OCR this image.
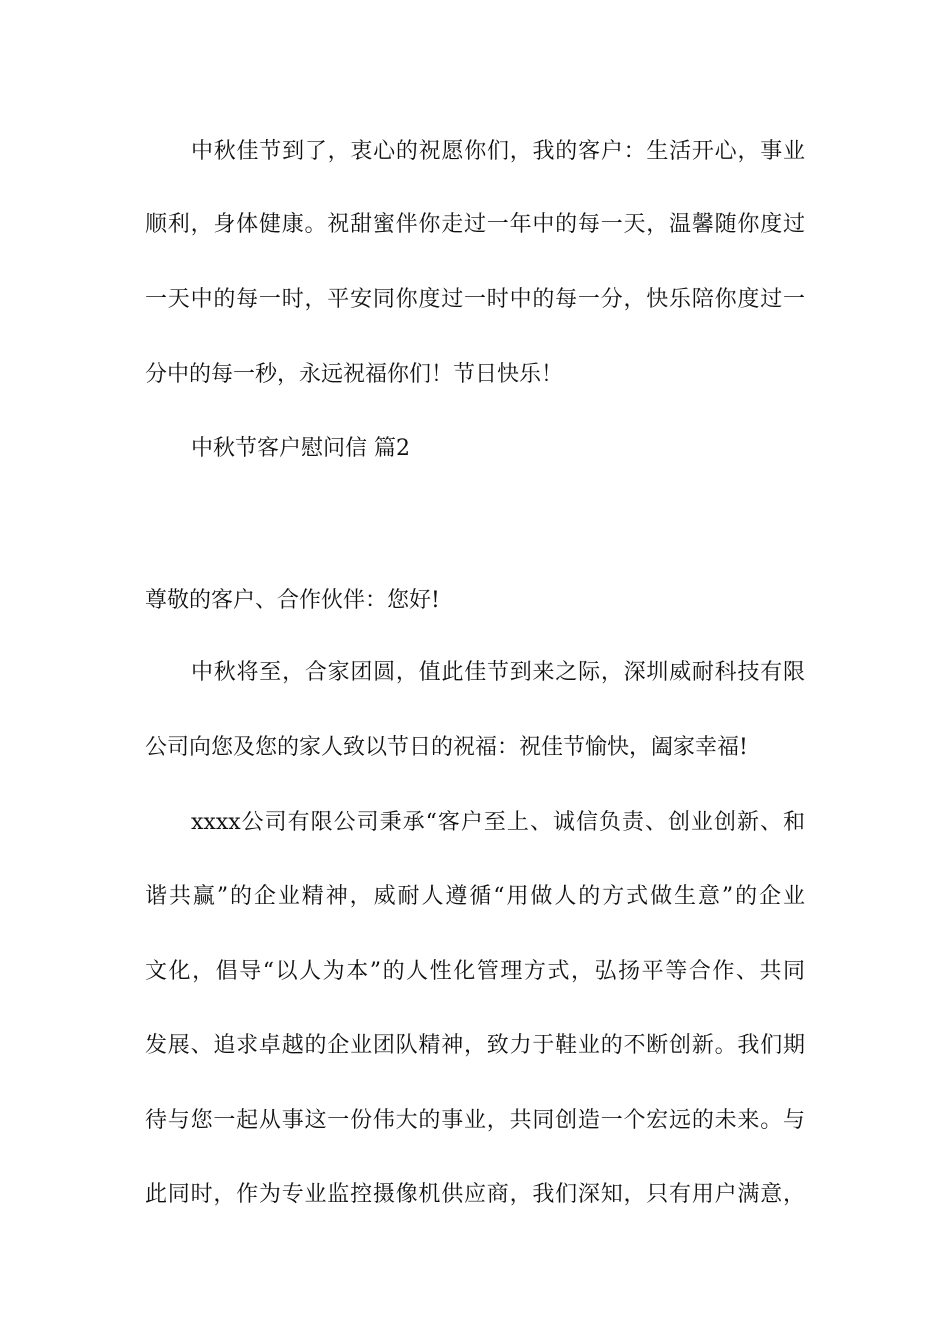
中秋佳节到了，衷心的祝愿你们，我的客户：生活开心，事业
顺利，身体健康。祝甜蜜伴你走过一年中的每一天，温馨随你度过
一天中的每一时，平安同你度过一时中的每一分，快乐陪你度过一
分中的每一秒，永远祝福你们！节日快乐！
中秋节客户慰问信 篇2
尊敬的客户、合作伙伴：您好!
中秋将至，合家团圆，值此佳节到来之际，深圳威耐科技有限
公司向您及您的家人致以节日的祝福：祝佳节愉快，阖家幸福!
xxxx公司有限公司秉承“客户至上、诚信负责、创业创新、和
谐共赢”的企业精神，威耐人遵循“用做人的方式做生意”的企业
文化，倡导“以人为本”的人性化管理方式，弘扬平等合作、共同
发展、追求卓越的企业团队精神，致力于鞋业的不断创新。我们期
待与您一起从事这一份伟大的事业，共同创造一个宏远的未来。与
此同时，作为专业监控摄像机供应商，我们深知，只有用户满意，
